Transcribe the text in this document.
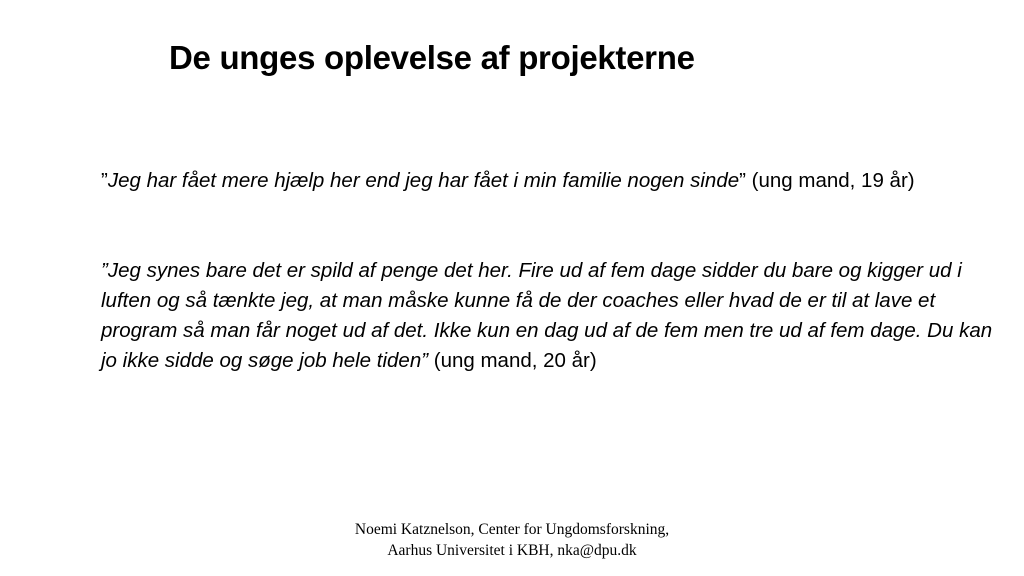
De unges oplevelse af projekterne
”Jeg har fået mere hjælp her end jeg har fået i min familie nogen sinde” (ung mand, 19 år)
”Jeg synes bare det er spild af penge det her. Fire ud af fem dage sidder du bare og kigger ud i luften og så tænkte jeg, at man måske kunne få de der coaches eller hvad de er til at lave et program så man får noget ud af det. Ikke kun en dag ud af de fem men tre ud af fem dage. Du kan jo ikke sidde og søge job hele tiden” (ung mand, 20 år)
Noemi Katznelson, Center for Ungdomsforskning, Aarhus Universitet i KBH, nka@dpu.dk
